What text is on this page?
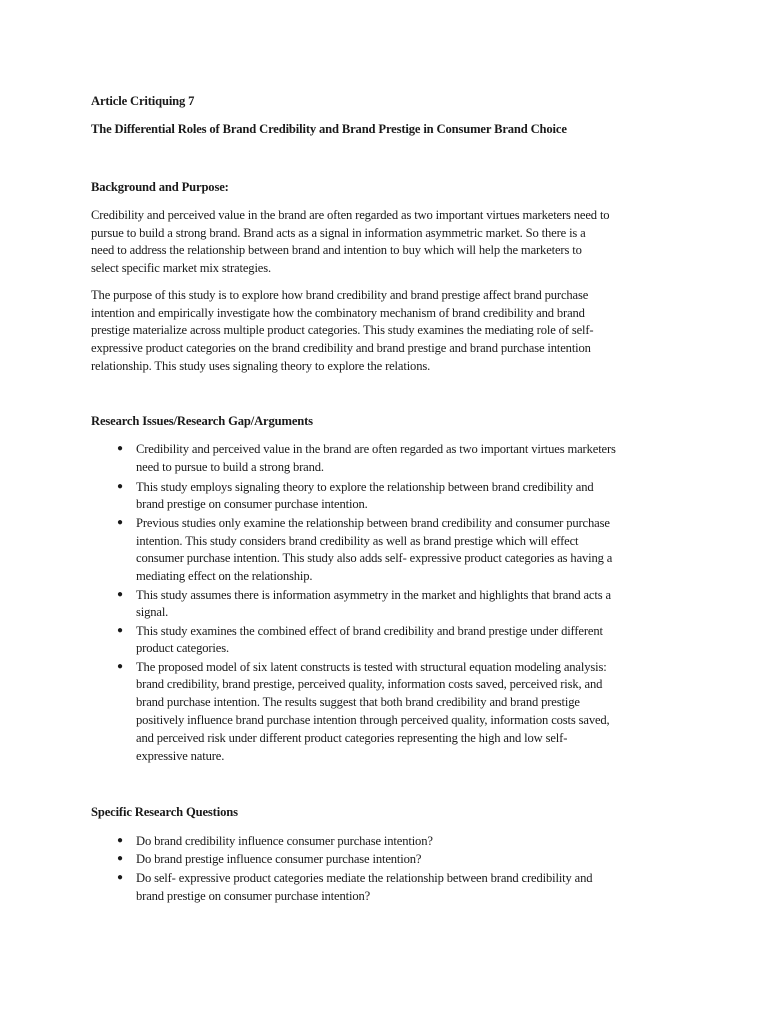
Article Critiquing 7
The Differential Roles of Brand Credibility and Brand Prestige in Consumer Brand Choice
Background and Purpose:
Credibility and perceived value in the brand are often regarded as two important virtues marketers need to
pursue to build a strong brand. Brand acts as a signal in information asymmetric market. So there is a
need to address the relationship between brand and intention to buy which will help the marketers to
select specific market mix strategies.
The purpose of this study is to explore how brand credibility and brand prestige affect brand purchase
intention and empirically investigate how the combinatory mechanism of brand credibility and brand
prestige materialize across multiple product categories. This study examines the mediating role of self-
expressive product categories on the brand credibility and brand prestige and brand purchase intention
relationship. This study uses signaling theory to explore the relations.
Research Issues/Research Gap/Arguments
● Credibility and perceived value in the brand are often regarded as two important virtues marketers
need to pursue to build a strong brand.
● This study employs signaling theory to explore the relationship between brand credibility and
brand prestige on consumer purchase intention.
● Previous studies only examine the relationship between brand credibility and consumer purchase
intention. This study considers brand credibility as well as brand prestige which will effect
consumer purchase intention. This study also adds self- expressive product categories as having a
mediating effect on the relationship.
● This study assumes there is information asymmetry in the market and highlights that brand acts a
signal.
● This study examines the combined effect of brand credibility and brand prestige under different
product categories.
● The proposed model of six latent constructs is tested with structural equation modeling analysis:
brand credibility, brand prestige, perceived quality, information costs saved, perceived risk, and
brand purchase intention. The results suggest that both brand credibility and brand prestige
positively influence brand purchase intention through perceived quality, information costs saved,
and perceived risk under different product categories representing the high and low self-
expressive nature.
Specific Research Questions
● Do brand credibility influence consumer purchase intention?
● Do brand prestige influence consumer purchase intention?
● Do self- expressive product categories mediate the relationship between brand credibility and
brand prestige on consumer purchase intention?
